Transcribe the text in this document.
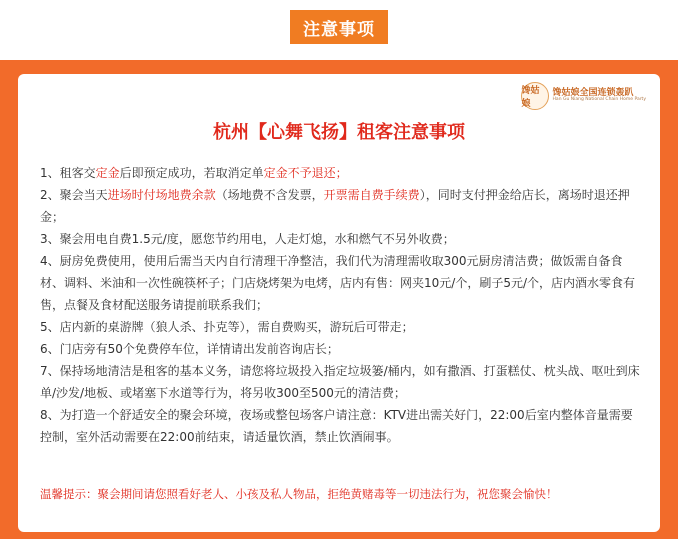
注意事项
馋姑娘
馋姑娘全国连锁轰趴
Han Gu Niang National Chain Home Party
杭州【心舞飞扬】租客注意事项

1、租客交定金后即预定成功，若取消定单定金不予退还；

2、聚会当天进场时付场地费余款（场地费不含发票，开票需自费手续费），同时支付押金给店长，离场时退还押金；

3、聚会用电自费1.5元/度，愿您节约用电，人走灯熄，水和燃气不另外收费；

4、厨房免费使用，使用后需当天内自行清理干净整洁，我们代为清理需收取300元厨房清洁费；做饭需自备食材、调料、米油和一次性碗筷杯子；门店烧烤架为电烤，店内有售：网夹10元/个，刷子5元/个，店内酒水零食有售，点餐及食材配送服务请提前联系我们；

5、店内新的桌游牌（狼人杀、扑克等），需自费购买，游玩后可带走；

6、门店旁有50个免费停车位，详情请出发前咨询店长；

7、保持场地清洁是租客的基本义务，请您将垃圾投入指定垃圾篓/桶内，如有撒酒、打蛋糕仗、枕头战、呕吐到床单/沙发/地板、或堵塞下水道等行为，将另收300至500元的清洁费；

8、为打造一个舒适安全的聚会环境，夜场或整包场客户请注意：KTV进出需关好门，22:00后室内整体音量需要控制，室外活动需要在22:00前结束，请适量饮酒，禁止饮酒闹事。

温馨提示：聚会期间请您照看好老人、小孩及私人物品，拒绝黄赌毒等一切违法行为，祝您聚会愉快！
